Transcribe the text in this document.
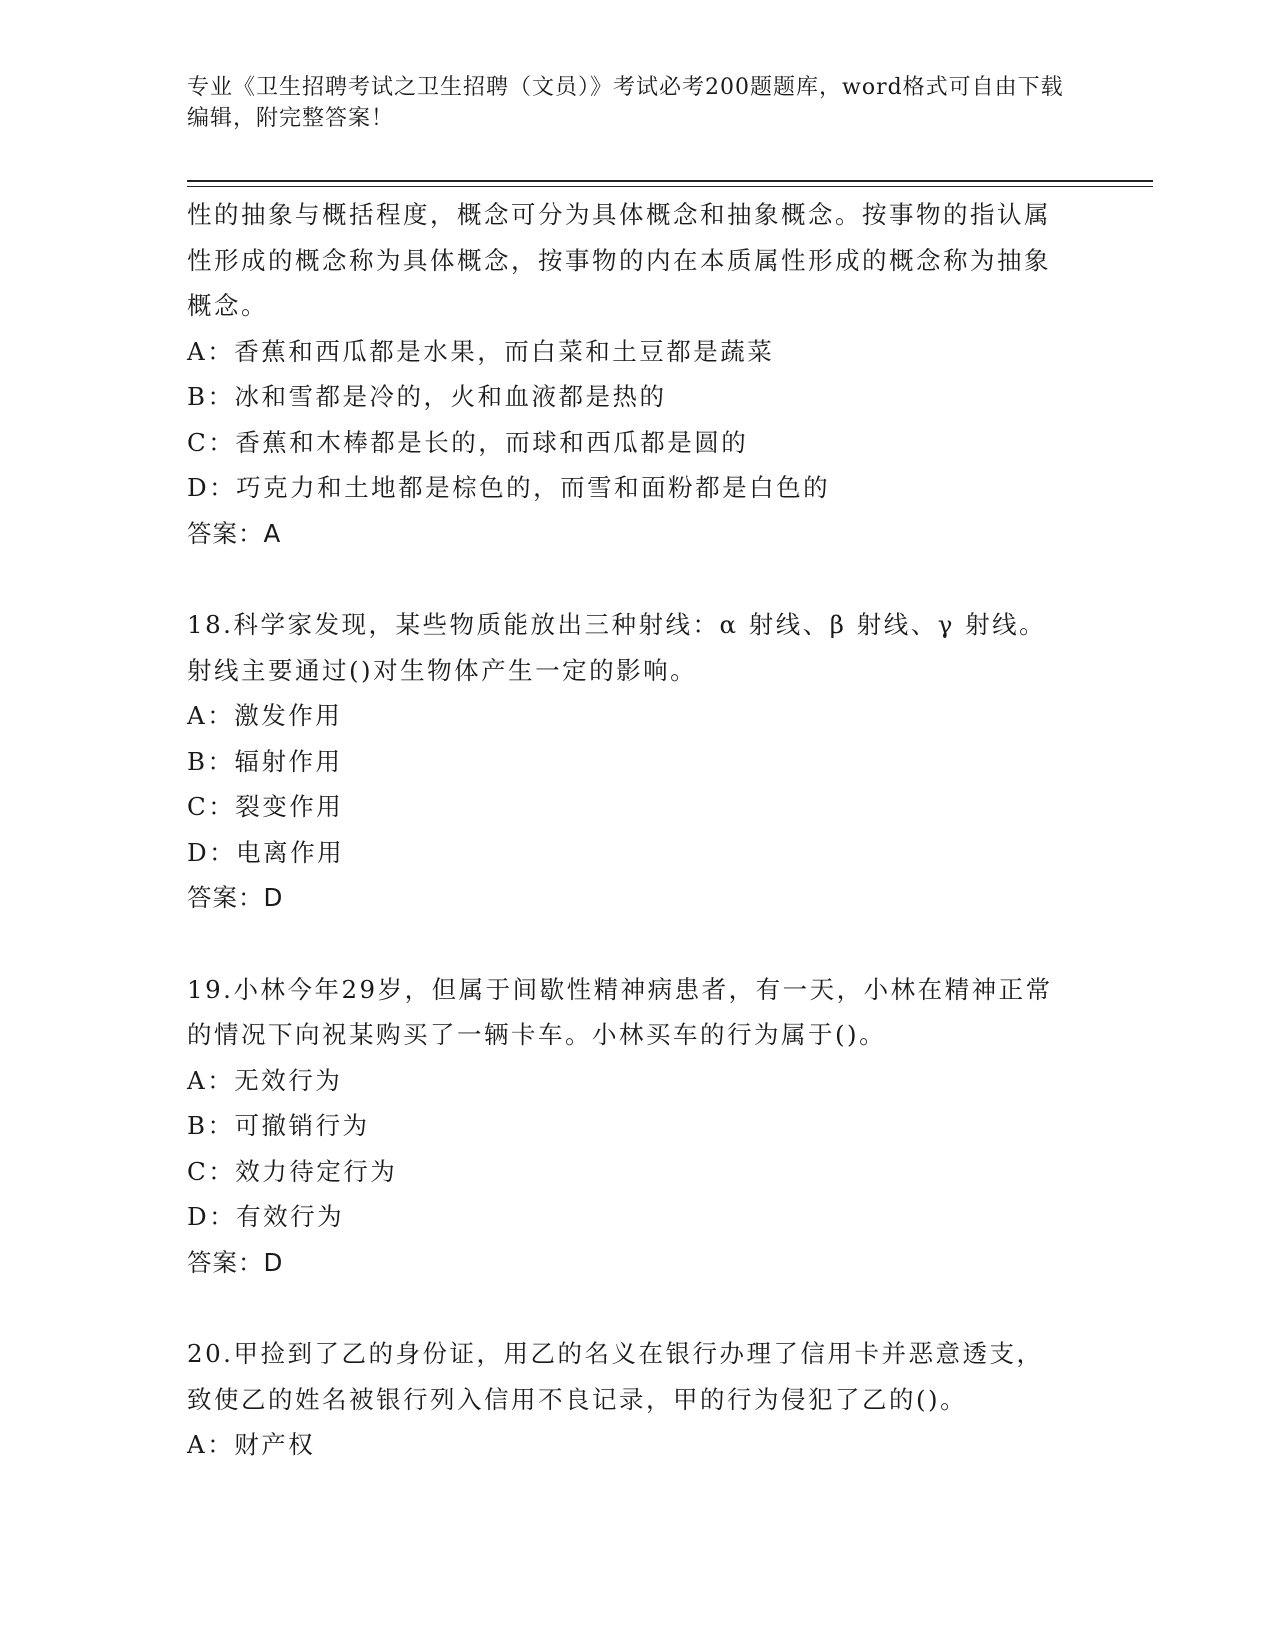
专业《卫生招聘考试之卫生招聘（文员）》考试必考200题题库，word格式可自由下载编辑，附完整答案！

性的抽象与概括程度，概念可分为具体概念和抽象概念。按事物的指认属性形成的概念称为具体概念，按事物的内在本质属性形成的概念称为抽象概念。

A：香蕉和西瓜都是水果，而白菜和土豆都是蔬菜

B：冰和雪都是冷的，火和血液都是热的

C：香蕉和木棒都是长的，而球和西瓜都是圆的

D：巧克力和土地都是棕色的，而雪和面粉都是白色的

答案：A

18.科学家发现，某些物质能放出三种射线：α 射线、β 射线、γ 射线。射线主要通过()对生物体产生一定的影响。

A：激发作用

B：辐射作用

C：裂变作用

D：电离作用

答案：D

19.小林今年29岁，但属于间歇性精神病患者，有一天，小林在精神正常的情况下向祝某购买了一辆卡车。小林买车的行为属于()。

A：无效行为

B：可撤销行为

C：效力待定行为

D：有效行为

答案：D

20.甲捡到了乙的身份证，用乙的名义在银行办理了信用卡并恶意透支，致使乙的姓名被银行列入信用不良记录，甲的行为侵犯了乙的()。

A：财产权
